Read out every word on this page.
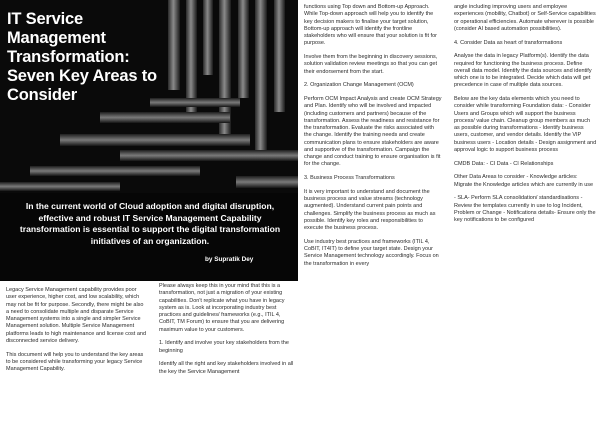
IT Service Management Transformation: Seven Key Areas to Consider
In the current world of Cloud adoption and digital disruption, effective and robust IT Service Management Capability transformation is essential to support the digital transformation initiatives of an organization.
by Supratik Dey

Legacy Service Management capability provides poor user experience, higher cost, and low scalability, which may not be fit for purpose. Secondly, there might be also a need to consolidate multiple and disparate Service Management systems into a single and simpler Service Management solution. Multiple Service Management platforms leads to high maintenance and license cost and disconnected service delivery.

This document will help you to understand the key areas to be considered while transforming your legacy Service Management Capability.

Please always keep this in your mind that this is a transformation, not just a migration of your existing capabilities. Don't replicate what you have in legacy system as is. Look at incorporating industry best practices and guidelines/ frameworks (e.g., ITIL 4, CoBIT, TM Forum) to ensure that you are delivering maximum value to your customers.

1. Identify and involve your key stakeholders from the beginning

Identify all the right and key stakeholders involved in all the key the Service Management

functions using Top down and Bottom-up Approach. While Top-down approach will help you to identify the key decision makers to finalise your target solution, Bottom-up approach will identify the frontline stakeholders who will ensure that your solution is fit for purpose.

Involve them from the beginning in discovery sessions, solution validation review meetings so that you can get their endorsement from the start.

2. Organization Change Management (OCM)

Perform OCM Impact Analysis and create OCM Strategy and Plan. Identify who will be involved and impacted (including customers and partners) because of the transformation. Assess the readiness and resistance for the transformation. Evaluate the risks associated with the change. Identify the training needs and create communication plans to ensure stakeholders are aware and supportive of the transformation. Campaign the change and conduct training to ensure organisation is fit for the change.

3. Business Process Transformations

It is very important to understand and document the business process and value streams (technology augmented). Understand current pain points and challenges. Simplify the business process as much as possible. Identify key roles and responsibilities to execute the business process.

Use industry best practices and frameworks (ITIL 4, CoBIT, IT4IT) to define your target state. Design your Service Management technology accordingly. Focus on the transformation in every

angle including improving users and employee experiences (mobility, Chatbot) or Self-Service capabilities or operational efficiencies. Automate wherever is possible (consider AI based automation possibilities).

4. Consider Data as heart of transformations

Analyse the data in legacy Platform(s). Identify the data required for functioning the business process. Define overall data model. Identify the data sources and identify which one is to be integrated. Decide which data will get precedence in case of multiple data sources.

Below are the key data elements which you need to consider while transforming Foundation data: - Consider Users and Groups which will support the business process/ value chain. Cleanup group members as much as possible during transformations - Identify business users, customer, and vendor details. Identify the VIP business users - Location details - Design assignment and approval logic to support business process

CMDB Data: - CI Data - CI Relationships

Other Data Areas to consider - Knowledge articles: Migrate the Knowledge articles which are currently in use

- SLA- Perform SLA consolidation/ standardisations - Review the templates currently in use to log Incident, Problem or Change - Notifications details- Ensure only the key notifications to be configured
